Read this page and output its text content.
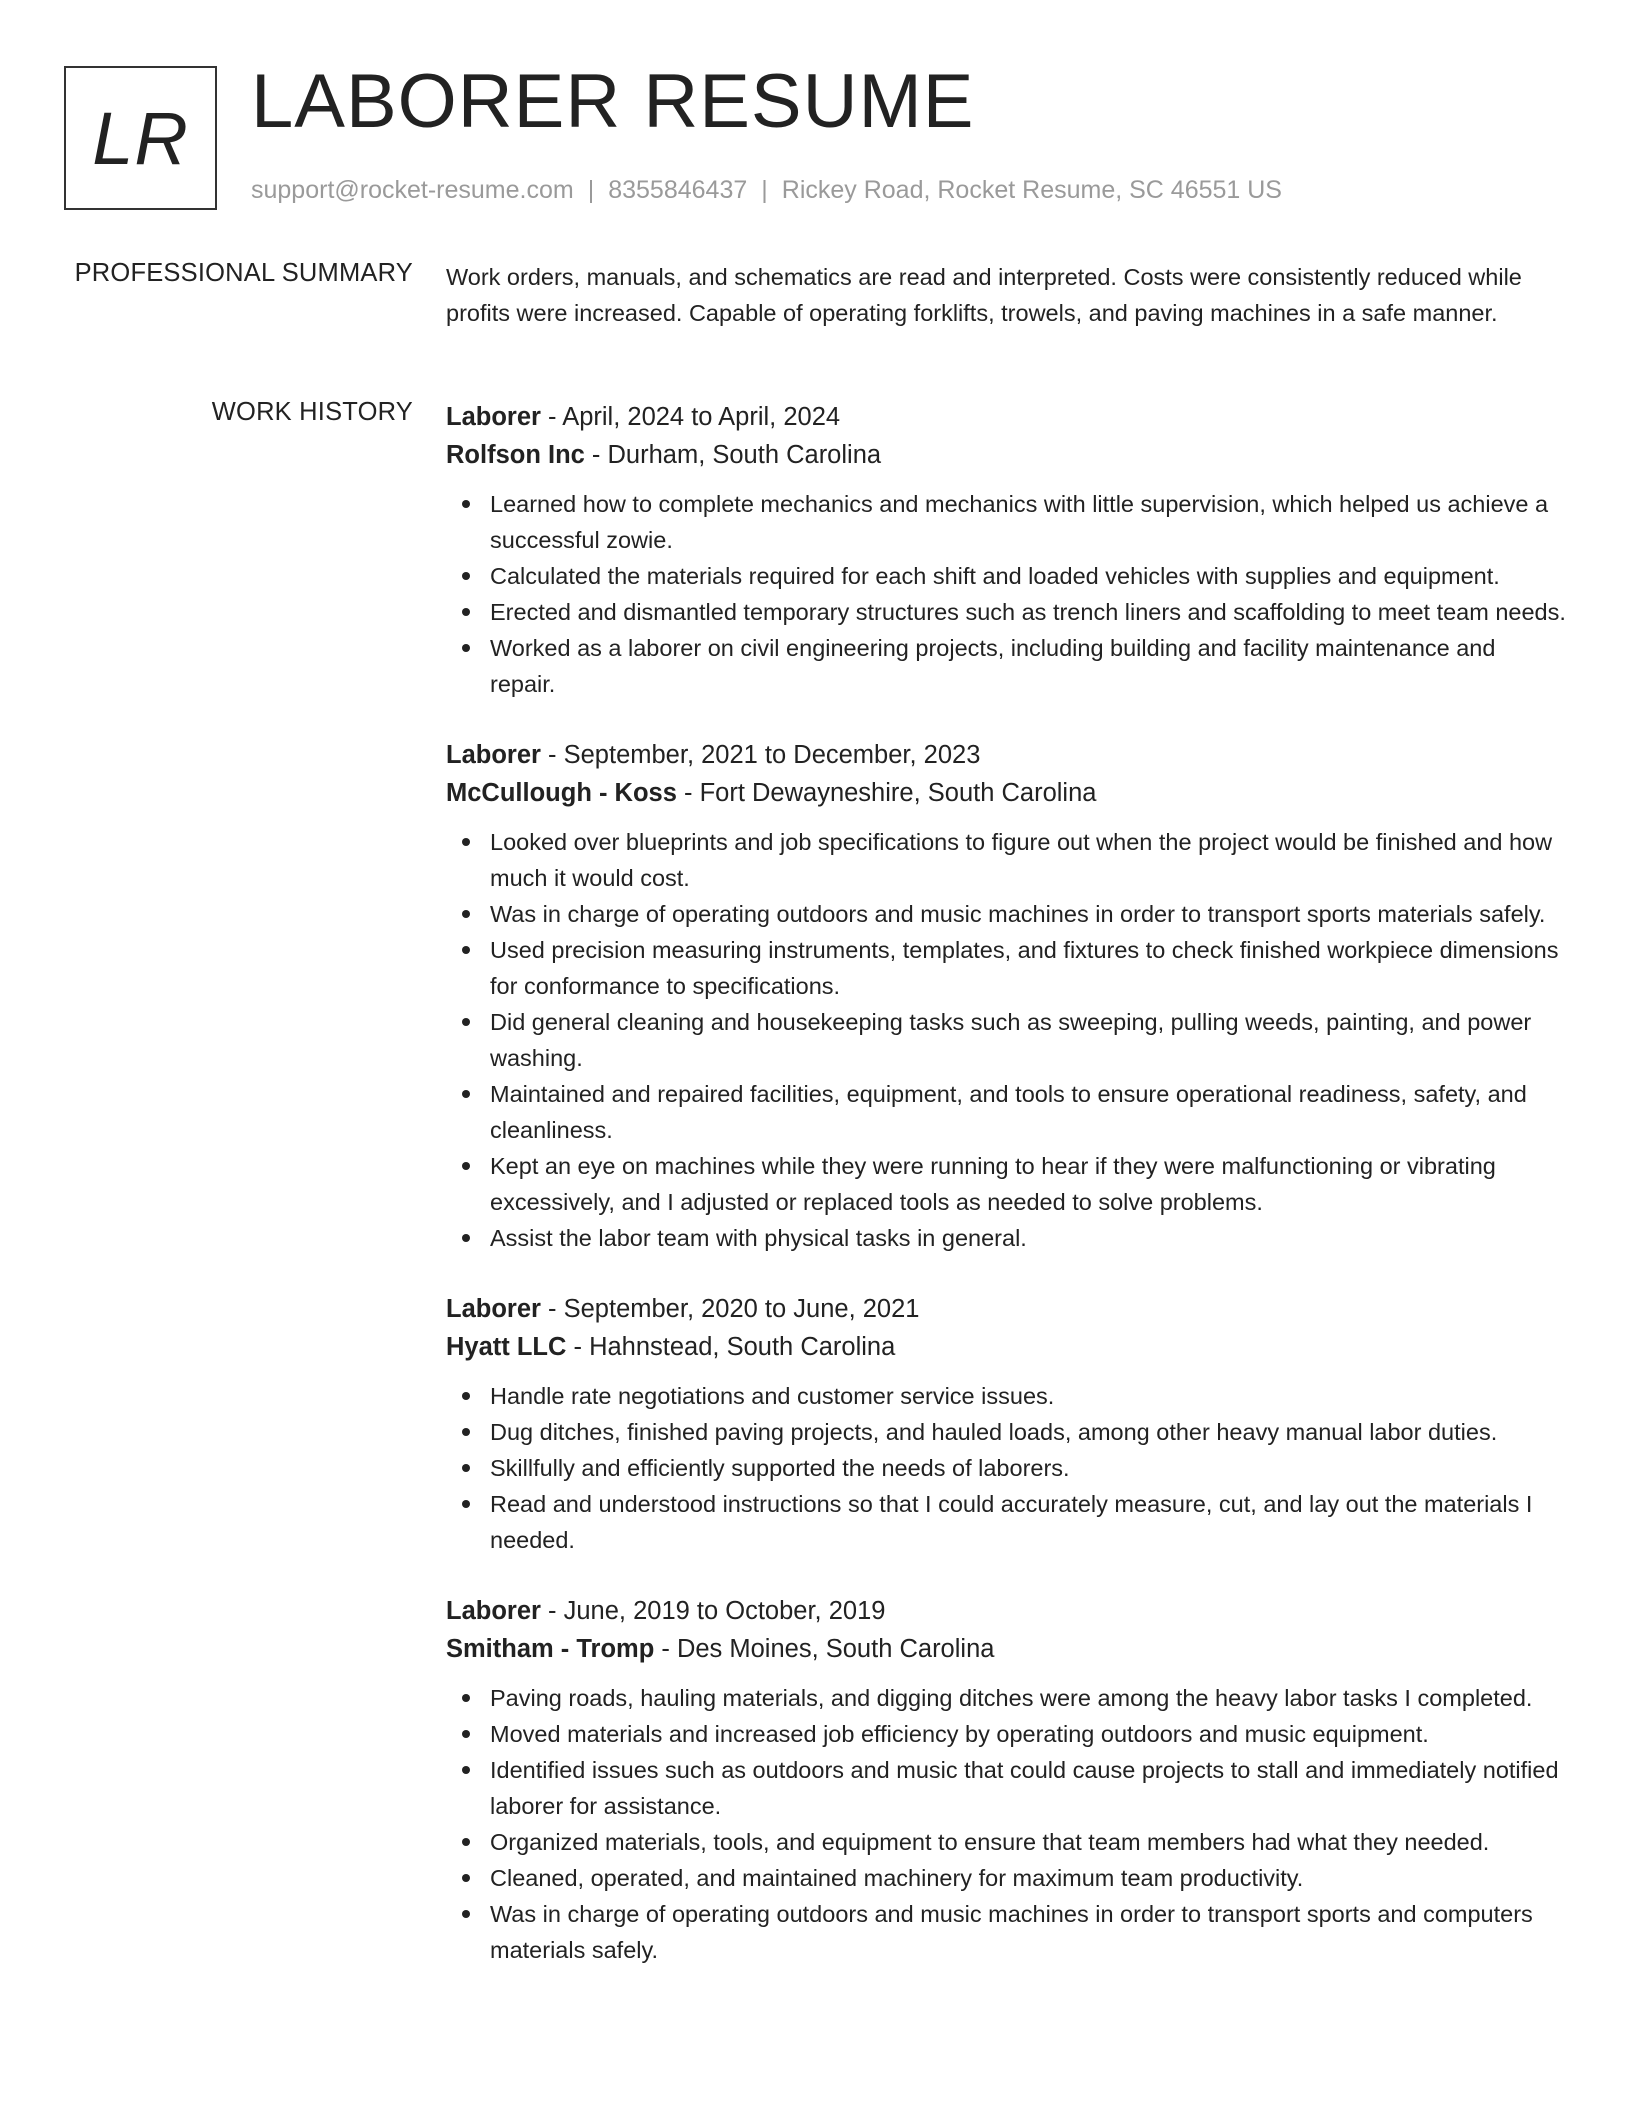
LR LABORER RESUME
support@rocket-resume.com | 8355846437 | Rickey Road, Rocket Resume, SC 46551 US
PROFESSIONAL SUMMARY Work orders, manuals, and schematics are read and interpreted. Costs were consistently reduced while profits were increased. Capable of operating forklifts, trowels, and paving machines in a safe manner.

WORK HISTORY Laborer - April, 2024 to April, 2024
Rolfson Inc - Durham, South Carolina
Learned how to complete mechanics and mechanics with little supervision, which helped us achieve a successful zowie.
Calculated the materials required for each shift and loaded vehicles with supplies and equipment.
Erected and dismantled temporary structures such as trench liners and scaffolding to meet team needs.
Worked as a laborer on civil engineering projects, including building and facility maintenance and repair.
Laborer - September, 2021 to December, 2023
McCullough - Koss - Fort Dewayneshire, South Carolina
Looked over blueprints and job specifications to figure out when the project would be finished and how much it would cost.
Was in charge of operating outdoors and music machines in order to transport sports materials safely.
Used precision measuring instruments, templates, and fixtures to check finished workpiece dimensions for conformance to specifications.
Did general cleaning and housekeeping tasks such as sweeping, pulling weeds, painting, and power washing.
Maintained and repaired facilities, equipment, and tools to ensure operational readiness, safety, and cleanliness.
Kept an eye on machines while they were running to hear if they were malfunctioning or vibrating excessively, and I adjusted or replaced tools as needed to solve problems.
Assist the labor team with physical tasks in general.
Laborer - September, 2020 to June, 2021
Hyatt LLC - Hahnstead, South Carolina
Handle rate negotiations and customer service issues.
Dug ditches, finished paving projects, and hauled loads, among other heavy manual labor duties.
Skillfully and efficiently supported the needs of laborers.
Read and understood instructions so that I could accurately measure, cut, and lay out the materials I needed.
Laborer - June, 2019 to October, 2019
Smitham - Tromp - Des Moines, South Carolina
Paving roads, hauling materials, and digging ditches were among the heavy labor tasks I completed.
Moved materials and increased job efficiency by operating outdoors and music equipment.
Identified issues such as outdoors and music that could cause projects to stall and immediately notified laborer for assistance.
Organized materials, tools, and equipment to ensure that team members had what they needed.
Cleaned, operated, and maintained machinery for maximum team productivity.
Was in charge of operating outdoors and music machines in order to transport sports and computers materials safely.
